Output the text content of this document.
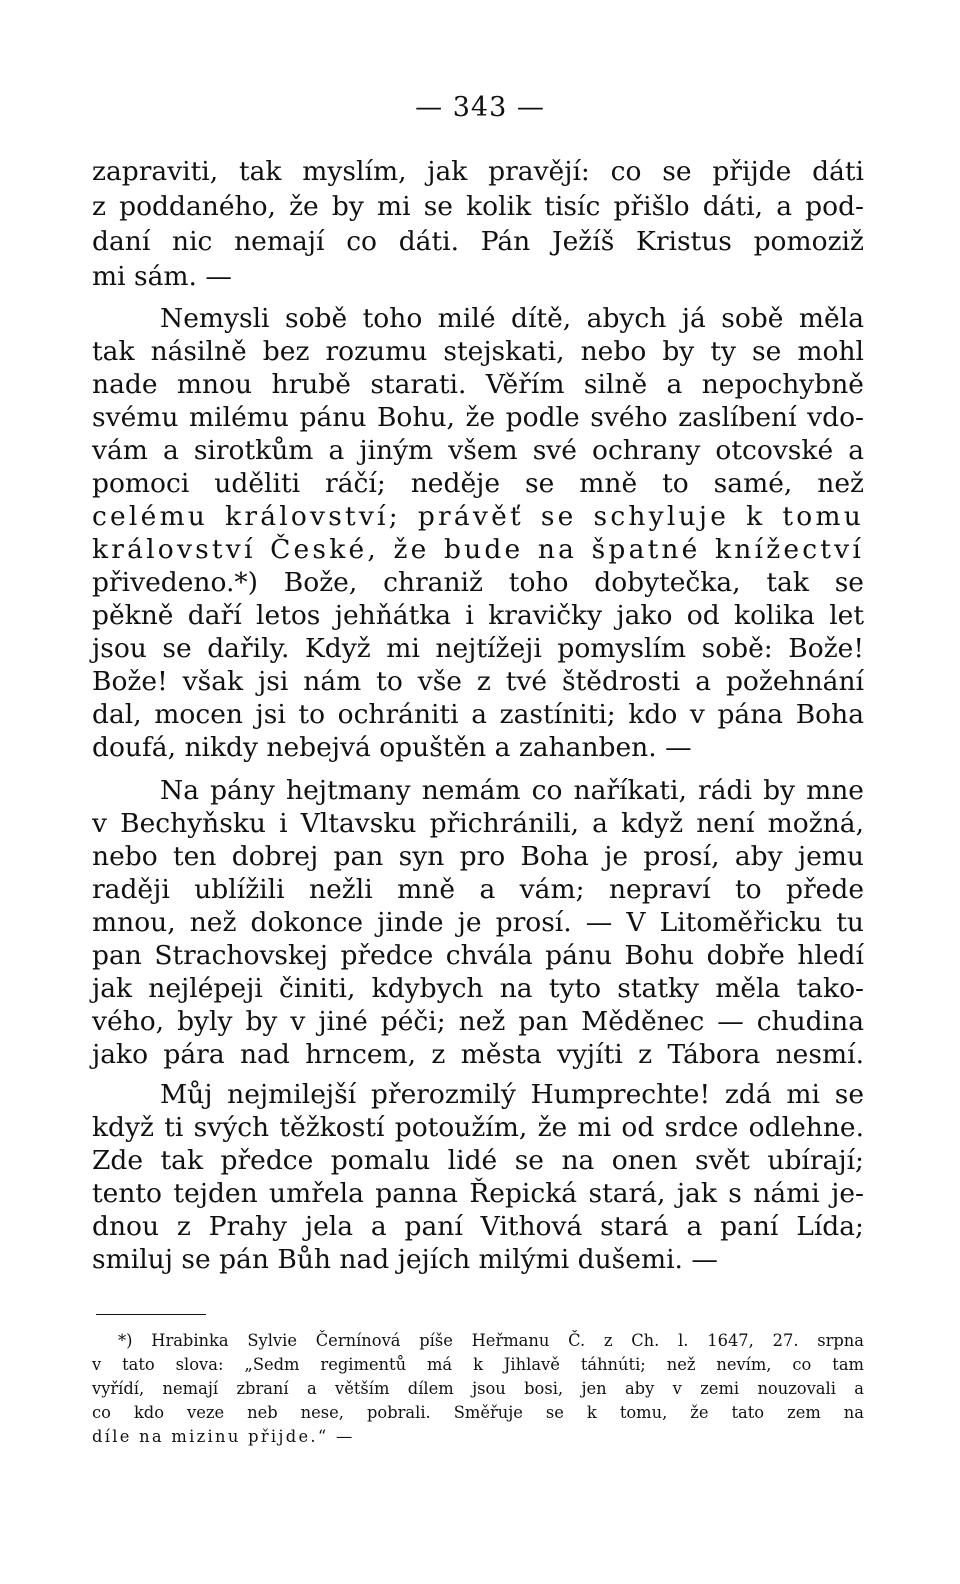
— 343 —
zapraviti, tak myslím, jak pravějí: co se přijde dáti
z poddaného, že by mi se kolik tisíc přišlo dáti, a pod-
daní nic nemají co dáti. Pán Ježíš Kristus pomoziž
mi sám. —
Nemysli sobě toho milé dítě, abych já sobě měla
tak násilně bez rozumu stejskati, nebo by ty se mohl
nade mnou hrubě starati. Věřím silně a nepochybně
svému milému pánu Bohu, že podle svého zaslíbení vdo-
vám a sirotkům a jiným všem své ochrany otcovské a
pomoci uděliti ráčí; neděje se mně to samé, než
celému království; právěť se schyluje k tomu
království České, že bude na špatné knížectví
přivedeno.*) Bože, chraniž toho dobytečka, tak se
pěkně daří letos jehňátka i kravičky jako od kolika let
jsou se dařily. Když mi nejtížeji pomyslím sobě: Bože!
Bože! však jsi nám to vše z tvé štědrosti a požehnání
dal, mocen jsi to ochrániti a zastíniti; kdo v pána Boha
doufá, nikdy nebejvá opuštěn a zahanben. —
Na pány hejtmany nemám co naříkati, rádi by mne
v Bechyňsku i Vltavsku přichránili, a když není možná,
nebo ten dobrej pan syn pro Boha je prosí, aby jemu
raději ublížili nežli mně a vám; nepraví to přede
mnou, než dokonce jinde je prosí. — V Litoměřicku tu
pan Strachovskej předce chvála pánu Bohu dobře hledí
jak nejlépeji činiti, kdybych na tyto statky měla tako-
vého, byly by v jiné péči; než pan Měděnec — chudina
jako pára nad hrncem, z města vyjíti z Tábora nesmí.
Můj nejmilejší přerozmilý Humprechte! zdá mi se
když ti svých těžkostí potoužím, že mi od srdce odlehne.
Zde tak předce pomalu lidé se na onen svět ubírají;
tento tejden umřela panna Řepická stará, jak s námi je-
dnou z Prahy jela a paní Vithová stará a paní Lída;
smiluj se pán Bůh nad jejích milými dušemi. —
*) Hrabinka Sylvie Černínová píše Heřmanu Č. z Ch. l. 1647, 27. srpna
v tato slova: „Sedm regimentů má k Jihlavě táhnúti; než nevím, co tam
vyřídí, nemají zbraní a větším dílem jsou bosi, jen aby v zemi nouzovali a
co kdo veze neb nese, pobrali. Směřuje se k tomu, že tato zem na
díle na mizinu přijde.“ —
